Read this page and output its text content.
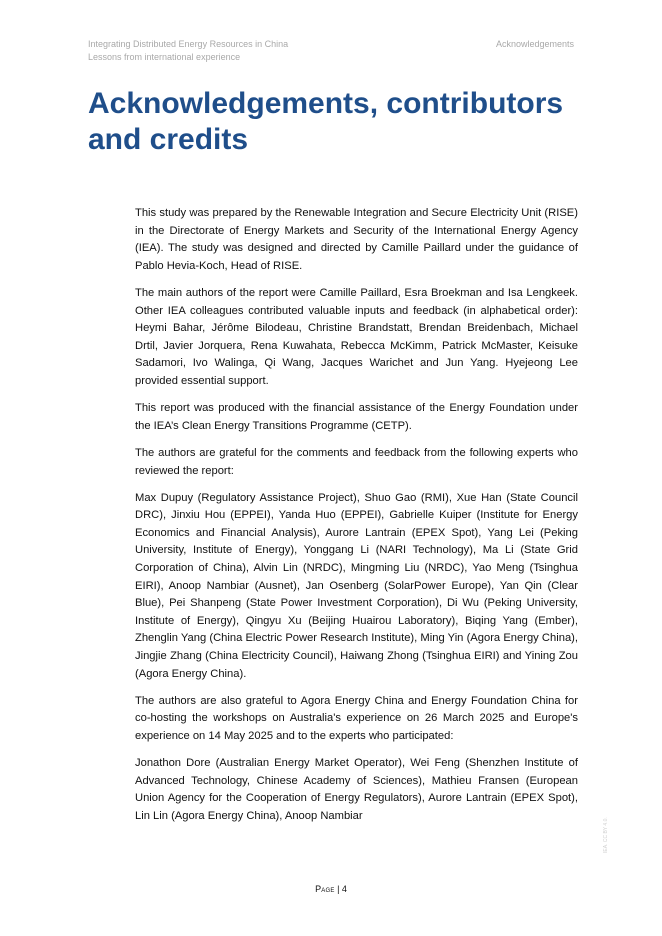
Integrating Distributed Energy Resources in China
Lessons from international experience
Acknowledgements
Acknowledgements, contributors
and credits

This study was prepared by the Renewable Integration and Secure Electricity Unit (RISE) in the Directorate of Energy Markets and Security of the International Energy Agency (IEA). The study was designed and directed by Camille Paillard under the guidance of Pablo Hevia-Koch, Head of RISE.

The main authors of the report were Camille Paillard, Esra Broekman and Isa Lengkeek. Other IEA colleagues contributed valuable inputs and feedback (in alphabetical order): Heymi Bahar, Jérôme Bilodeau, Christine Brandstatt, Brendan Breidenbach, Michael Drtil, Javier Jorquera, Rena Kuwahata, Rebecca McKimm, Patrick McMaster, Keisuke Sadamori, Ivo Walinga, Qi Wang, Jacques Warichet and Jun Yang. Hyejeong Lee provided essential support.

This report was produced with the financial assistance of the Energy Foundation under the IEA’s Clean Energy Transitions Programme (CETP).

The authors are grateful for the comments and feedback from the following experts who reviewed the report:

Max Dupuy (Regulatory Assistance Project), Shuo Gao (RMI), Xue Han (State Council DRC), Jinxiu Hou (EPPEI), Yanda Huo (EPPEI), Gabrielle Kuiper (Institute for Energy Economics and Financial Analysis), Aurore Lantrain (EPEX Spot), Yang Lei (Peking University, Institute of Energy), Yonggang Li (NARI Technology), Ma Li (State Grid Corporation of China), Alvin Lin (NRDC), Mingming Liu (NRDC), Yao Meng (Tsinghua EIRI), Anoop Nambiar (Ausnet), Jan Osenberg (SolarPower Europe), Yan Qin (Clear Blue), Pei Shanpeng (State Power Investment Corporation), Di Wu (Peking University, Institute of Energy), Qingyu Xu (Beijing Huairou Laboratory), Biqing Yang (Ember), Zhenglin Yang (China Electric Power Research Institute), Ming Yin (Agora Energy China), Jingjie Zhang (China Electricity Council), Haiwang Zhong (Tsinghua EIRI) and Yining Zou (Agora Energy China).

The authors are also grateful to Agora Energy China and Energy Foundation China for co-hosting the workshops on Australia's experience on 26 March 2025 and Europe's experience on 14 May 2025 and to the experts who participated:

Jonathon Dore (Australian Energy Market Operator), Wei Feng (Shenzhen Institute of Advanced Technology, Chinese Academy of Sciences), Mathieu Fransen (European Union Agency for the Cooperation of Energy Regulators), Aurore Lantrain (EPEX Spot), Lin Lin (Agora Energy China), Anoop Nambiar

Page | 4
IEA. CC BY 4.0.
